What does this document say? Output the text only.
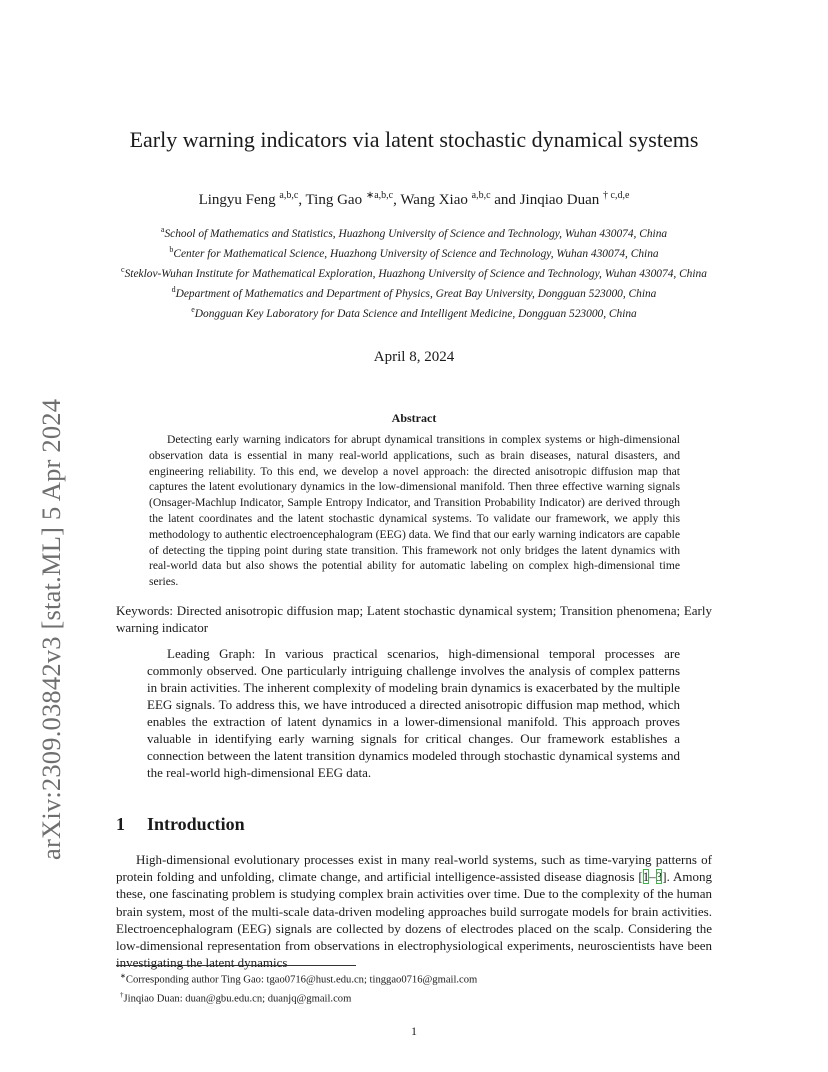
arXiv:2309.03842v3 [stat.ML] 5 Apr 2024
Early warning indicators via latent stochastic dynamical systems
Lingyu Feng $^{a,b,c}$, Ting Gao $^{∗a,b,c}$, Wang Xiao $^{a,b,c}$ and Jinqiao Duan $^{\dagger c,d,e}$
$^a$School of Mathematics and Statistics, Huazhong University of Science and Technology, Wuhan 430074, China
$^b$Center for Mathematical Science, Huazhong University of Science and Technology, Wuhan 430074, China
$^c$Steklov-Wuhan Institute for Mathematical Exploration, Huazhong University of Science and Technology, Wuhan 430074, China
$^d$Department of Mathematics and Department of Physics, Great Bay University, Dongguan 523000, China
$^e$Dongguan Key Laboratory for Data Science and Intelligent Medicine, Dongguan 523000, China
April 8, 2024
Abstract

Detecting early warning indicators for abrupt dynamical transitions in complex systems or high-dimensional observation data is essential in many real-world applications, such as brain diseases, natural disasters, and engineering reliability. To this end, we develop a novel approach: the directed anisotropic diffusion map that captures the latent evolutionary dynamics in the low-dimensional manifold. Then three effective warning signals (Onsager-Machlup Indicator, Sample Entropy Indicator, and Transition Probability Indicator) are derived through the latent coordinates and the latent stochastic dynamical systems. To validate our framework, we apply this methodology to authentic electroencephalogram (EEG) data. We find that our early warning indicators are capable of detecting the tipping point during state transition. This framework not only bridges the latent dynamics with real-world data but also shows the potential ability for automatic labeling on complex high-dimensional time series.

Keywords: Directed anisotropic diffusion map; Latent stochastic dynamical system; Transition phenomena; Early warning indicator

Leading Graph: In various practical scenarios, high-dimensional temporal processes are commonly observed. One particularly intriguing challenge involves the analysis of complex patterns in brain activities. The inherent complexity of modeling brain dynamics is exacerbated by the multiple EEG signals. To address this, we have introduced a directed anisotropic diffusion map method, which enables the extraction of latent dynamics in a lower-dimensional manifold. This approach proves valuable in identifying early warning signals for critical changes. Our framework establishes a connection between the latent transition dynamics modeled through stochastic dynamical systems and the real-world high-dimensional EEG data.

1 Introduction

High-dimensional evolutionary processes exist in many real-world systems, such as time-varying patterns of protein folding and unfolding, climate change, and artificial intelligence-assisted disease diagnosis [1–3]. Among these, one fascinating problem is studying complex brain activities over time. Due to the complexity of the human brain system, most of the multi-scale data-driven modeling approaches build surrogate models for brain activities. Electroencephalogram (EEG) signals are collected by dozens of electrodes placed on the scalp. Considering the low-dimensional representation from observations in electrophysiological experiments, neuroscientists have been investigating the latent dynamics

∗Corresponding author Ting Gao: tgao0716@hust.edu.cn; tinggao0716@gmail.com
†Jinqiao Duan: duan@gbu.edu.cn; duanjq@gmail.com
1
